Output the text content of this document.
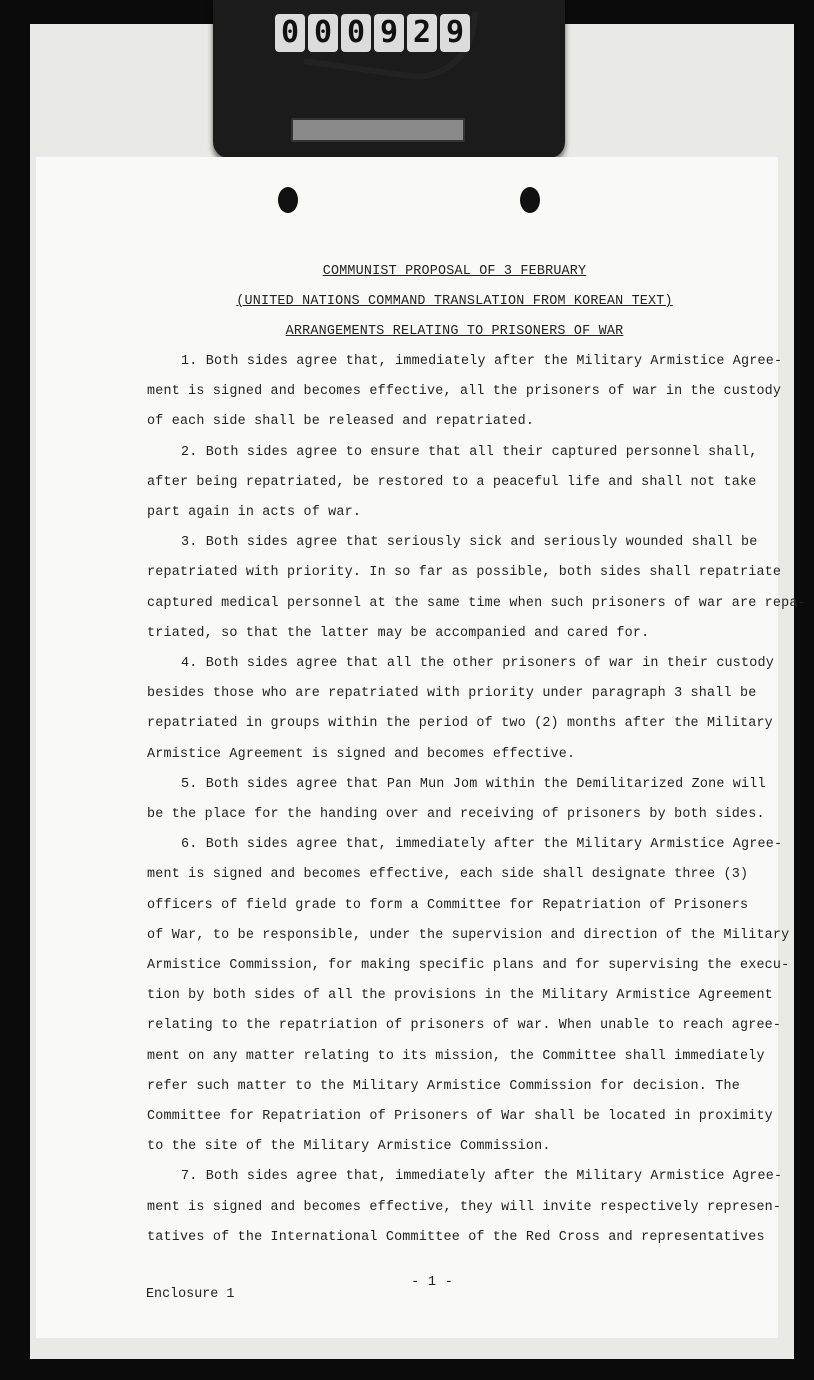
0 0 0 9 2 9

COMMUNIST PROPOSAL OF 3 FEBRUARY

(UNITED NATIONS COMMAND TRANSLATION FROM KOREAN TEXT)

ARRANGEMENTS RELATING TO PRISONERS OF WAR

1. Both sides agree that, immediately after the Military Armistice Agree-
ment is signed and becomes effective, all the prisoners of war in the custody
of each side shall be released and repatriated.

2. Both sides agree to ensure that all their captured personnel shall,
after being repatriated, be restored to a peaceful life and shall not take
part again in acts of war.

3. Both sides agree that seriously sick and seriously wounded shall be
repatriated with priority. In so far as possible, both sides shall repatriate
captured medical personnel at the same time when such prisoners of war are repa-
triated, so that the latter may be accompanied and cared for.

4. Both sides agree that all the other prisoners of war in their custody
besides those who are repatriated with priority under paragraph 3 shall be
repatriated in groups within the period of two (2) months after the Military
Armistice Agreement is signed and becomes effective.

5. Both sides agree that Pan Mun Jom within the Demilitarized Zone will
be the place for the handing over and receiving of prisoners by both sides.

6. Both sides agree that, immediately after the Military Armistice Agree-
ment is signed and becomes effective, each side shall designate three (3)
officers of field grade to form a Committee for Repatriation of Prisoners
of War, to be responsible, under the supervision and direction of the Military
Armistice Commission, for making specific plans and for supervising the execu-
tion by both sides of all the provisions in the Military Armistice Agreement
relating to the repatriation of prisoners of war. When unable to reach agree-
ment on any matter relating to its mission, the Committee shall immediately
refer such matter to the Military Armistice Commission for decision. The
Committee for Repatriation of Prisoners of War shall be located in proximity
to the site of the Military Armistice Commission.

7. Both sides agree that, immediately after the Military Armistice Agree-
ment is signed and becomes effective, they will invite respectively represen-
tatives of the International Committee of the Red Cross and representatives

- 1 -
Enclosure 1
